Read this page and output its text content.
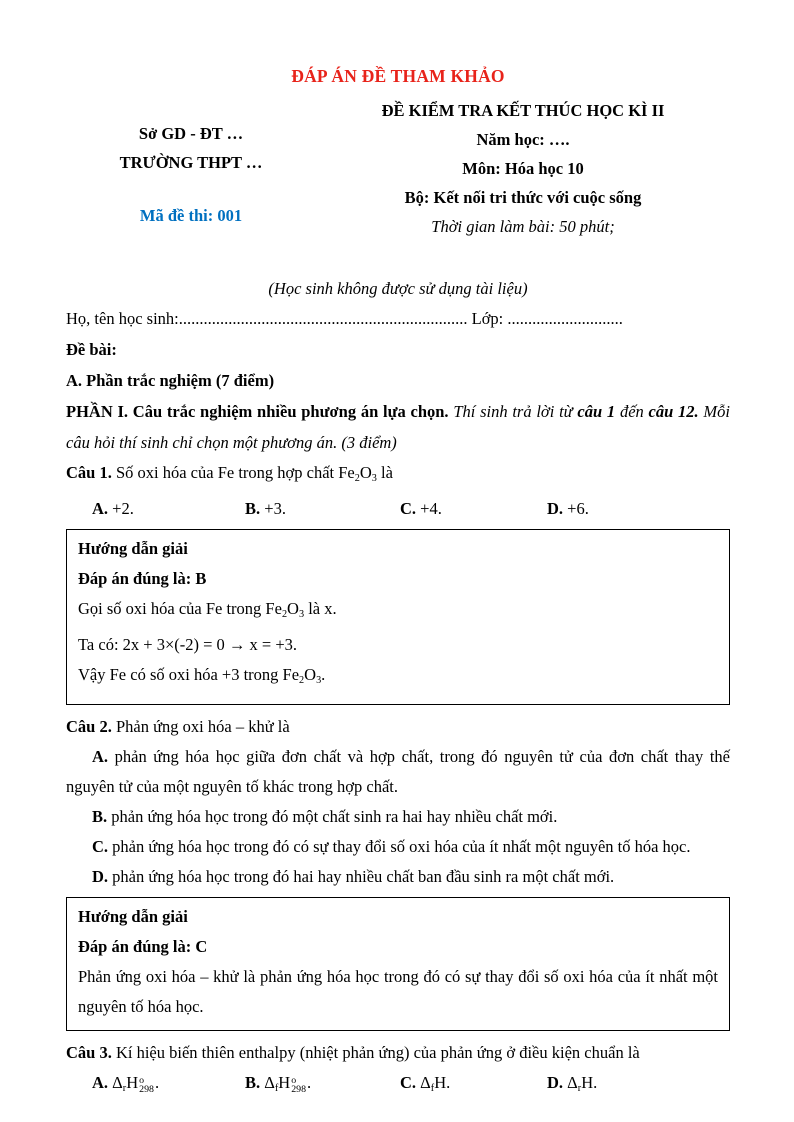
ĐÁP ÁN ĐỀ THAM KHẢO
Sở GD - ĐT …
TRƯỜNG THPT …
Mã đề thi: 001
ĐỀ KIỂM TRA KẾT THÚC HỌC KÌ II
Năm học: ….
Môn: Hóa học 10
Bộ: Kết nối tri thức với cuộc sống
Thời gian làm bài: 50 phút;
(Học sinh không được sử dụng tài liệu)
Họ, tên học sinh:...................................................................... Lớp: ............................
Đề bài:
A. Phần trắc nghiệm (7 điểm)
PHẦN I. Câu trắc nghiệm nhiều phương án lựa chọn. Thí sinh trả lời từ câu 1 đến câu 12. Mỗi câu hỏi thí sinh chỉ chọn một phương án. (3 điểm)
Câu 1. Số oxi hóa của Fe trong hợp chất $Fe_2O_3$ là
A. +2.	B. +3.	C. +4.	D. +6.
Hướng dẫn giải
Đáp án đúng là: B
Gọi số oxi hóa của Fe trong $Fe_2O_3$ là x.
Ta có: 2x + 3×(-2) = 0 → x = +3.
Vậy Fe có số oxi hóa +3 trong $Fe_2O_3$.
Câu 2. Phản ứng oxi hóa – khử là

A. phản ứng hóa học giữa đơn chất và hợp chất, trong đó nguyên tử của đơn chất thay thế nguyên tử của một nguyên tố khác trong hợp chất.

B. phản ứng hóa học trong đó một chất sinh ra hai hay nhiều chất mới.

C. phản ứng hóa học trong đó có sự thay đổi số oxi hóa của ít nhất một nguyên tố hóa học.

D. phản ứng hóa học trong đó hai hay nhiều chất ban đầu sinh ra một chất mới.

Hướng dẫn giải
Đáp án đúng là: C
Phản ứng oxi hóa – khử là phản ứng hóa học trong đó có sự thay đổi số oxi hóa của ít nhất một nguyên tố hóa học.
Câu 3. Kí hiệu biến thiên enthalpy (nhiệt phản ứng) của phản ứng ở điều kiện chuẩn là
A. $\Delta_rH$ o
298 .	B. $\Delta_fH$ o
298 .	C. $\Delta_fH$.	D. $\Delta_rH$.
